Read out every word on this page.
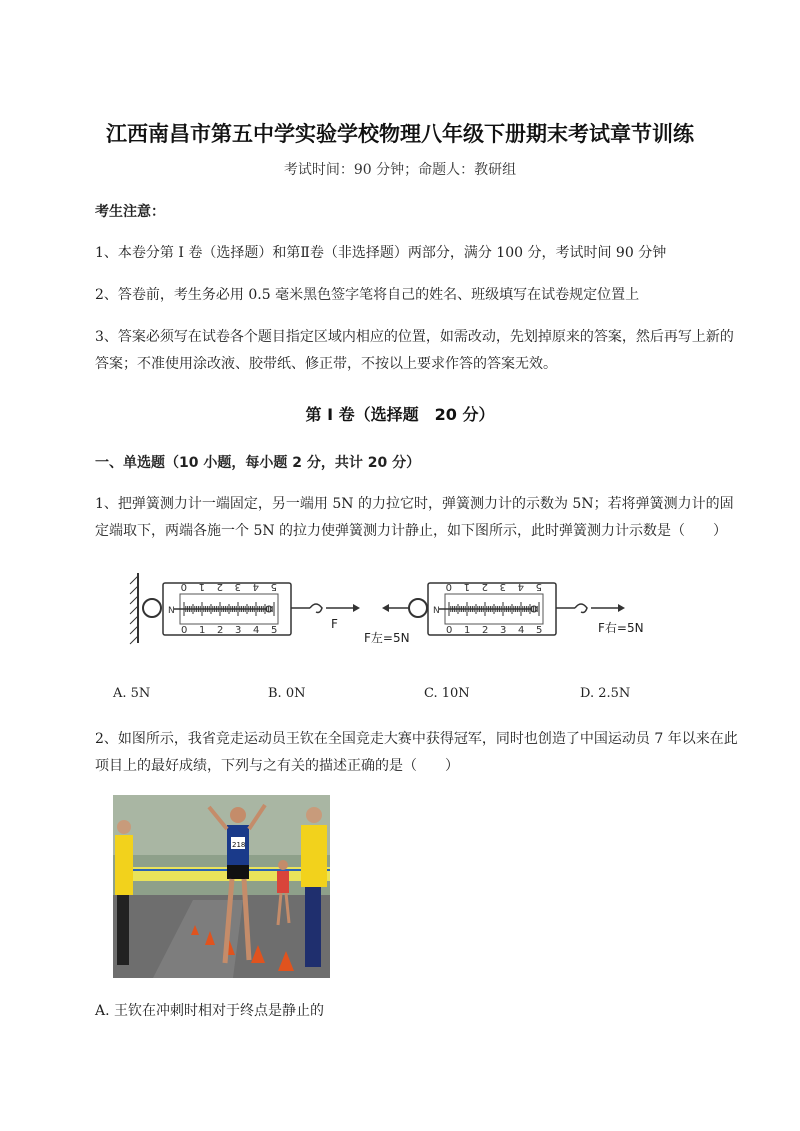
江西南昌市第五中学实验学校物理八年级下册期末考试章节训练
考试时间：90 分钟；命题人：教研组
考生注意：
1、本卷分第 I 卷（选择题）和第Ⅱ卷（非选择题）两部分，满分 100 分，考试时间 90 分钟
2、答卷前，考生务必用 0.5 毫米黑色签字笔将自己的姓名、班级填写在试卷规定位置上
3、答案必须写在试卷各个题目指定区域内相应的位置，如需改动，先划掉原来的答案，然后再写上新的答案；不准使用涂改液、胶带纸、修正带，不按以上要求作答的答案无效。
第 I 卷（选择题　20 分）
一、单选题（10 小题，每小题 2 分，共计 20 分）
1、把弹簧测力计一端固定，另一端用 5N 的力拉它时，弹簧测力计的示数为 5N；若将弹簧测力计的固定端取下，两端各施一个 5N 的拉力使弹簧测力计静止，如下图所示，此时弹簧测力计示数是（　　）
N
0 1 2 3 4 5
0 1 2 3 4 5	F
N
0 1 2 3 4 5
0 1 2 3 4 5
F左=5N
F右=5N
A. 5N	B. 0N	C. 10N	D. 2.5N
2、如图所示，我省竞走运动员王钦在全国竞走大赛中获得冠军，同时也创造了中国运动员 7 年以来在此项目上的最好成绩，下列与之有关的描述正确的是（　　）
218
A. 王钦在冲刺时相对于终点是静止的
